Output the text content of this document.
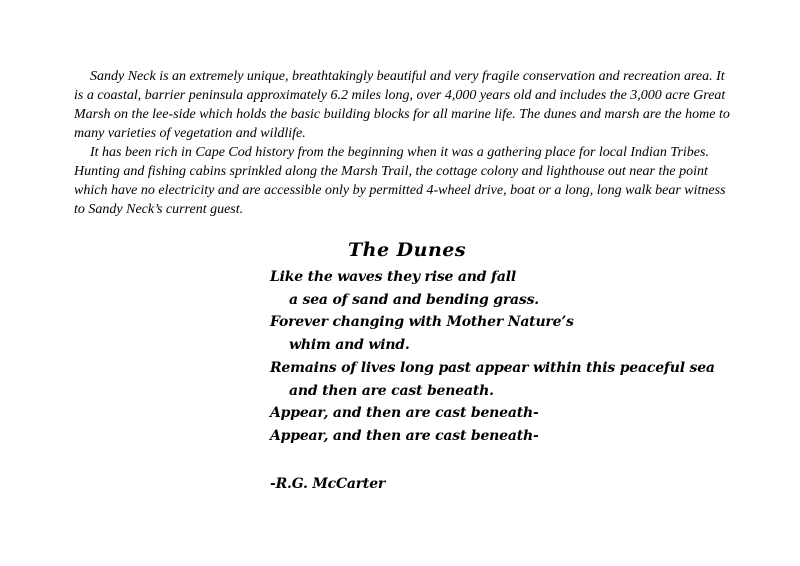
Sandy Neck is an extremely unique, breathtakingly beautiful and very fragile conservation and recreation area. It is a coastal, barrier peninsula approximately 6.2 miles long, over 4,000 years old and includes the 3,000 acre Great Marsh on the lee-side which holds the basic building blocks for all marine life. The dunes and marsh are the home to many varieties of vegetation and wildlife.

It has been rich in Cape Cod history from the beginning when it was a gathering place for local Indian Tribes. Hunting and fishing cabins sprinkled along the Marsh Trail, the cottage colony and lighthouse out near the point which have no electricity and are accessible only by permitted 4-wheel drive, boat or a long, long walk bear witness to Sandy Neck’s current guest.

The Dunes
Like the waves they rise and fall
a sea of sand and bending grass.
Forever changing with Mother Nature’s
whim and wind.
Remains of lives long past appear within this peaceful sea
and then are cast beneath.
Appear, and then are cast beneath-
Appear, and then are cast beneath-
-R.G. McCarter
